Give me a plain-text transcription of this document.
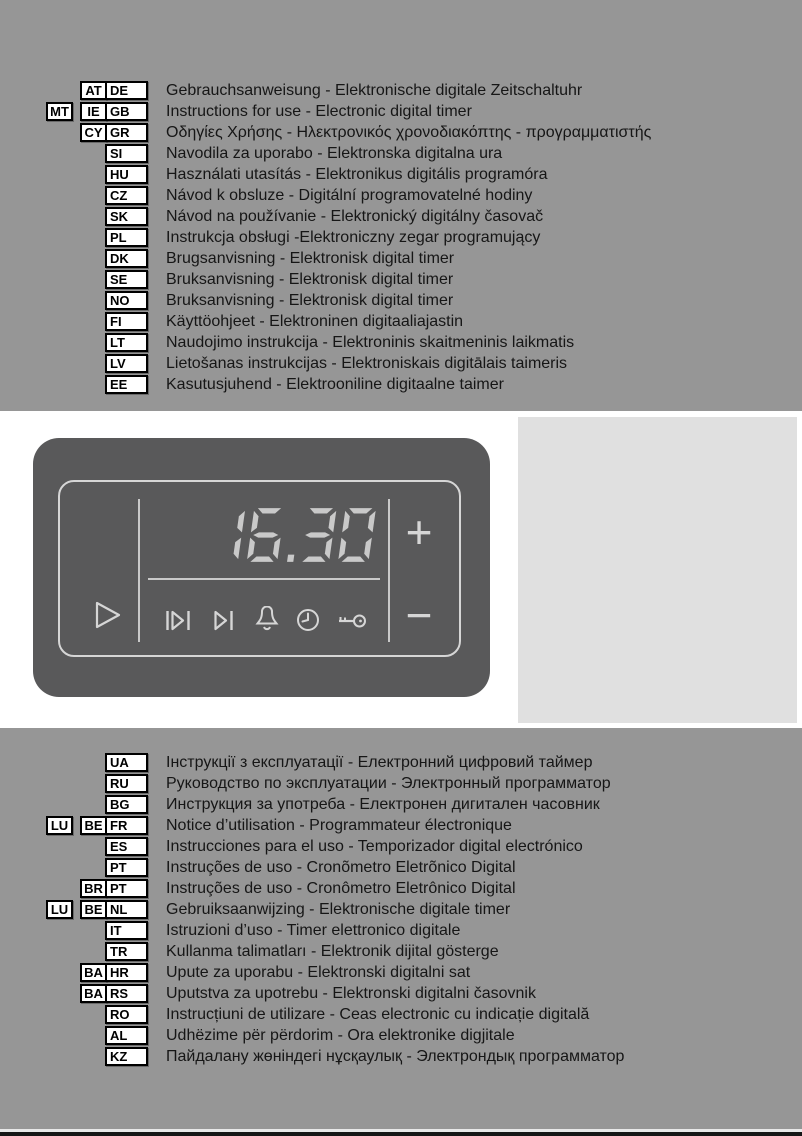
AT DE	Gebrauchsanweisung - Elektronische digitale Zeitschaltuhr
MT	IE GB	Instructions for use - Electronic digital timer
CY GR	Οδηγίες Χρήσης - Ηλεκτρονικός χρονοδιακόπτης - προγραμματιστής
SI	Navodila za uporabo - Elektronska digitalna ura
HU	Használati utasítás - Elektronikus digitális programóra
CZ	Návod k obsluze - Digitální programovatelné hodiny
SK	Návod na používanie - Elektronický digitálny časovač
PL	Instrukcja obsługi -Elektroniczny zegar programujący
DK	Brugsanvisning - Elektronisk digital timer
SE	Bruksanvisning - Elektronisk digital timer
NO	Bruksanvisning - Elektronisk digital timer
FI	Käyttöohjeet - Elektroninen digitaaliajastin
LT	Naudojimo instrukcija - Elektroninis skaitmeninis laikmatis
LV	Lietošanas instrukcijas - Elektroniskais digitālais taimeris
EE	Kasutusjuhend - Elektrooniline digitaalne taimer
+
−
UA	Інструкції з експлуатації - Електронний цифровий таймер
RU	Руководство по эксплуатации - Электронный программатор
BG	Инструкция за употреба - Електронен дигитален часовник
LU	BE FR	Notice d’utilisation - Programmateur électronique
ES	Instrucciones para el uso - Temporizador digital electrónico
PT	Instruções de uso - Cronõmetro Eletrõnico Digital
BR PT	Instruções de uso - Cronômetro Eletrônico Digital
LU	BE NL	Gebruiksaanwijzing - Elektronische digitale timer
IT	Istruzioni d’uso - Timer elettronico digitale
TR	Kullanma talimatları - Elektronik dijital gösterge
BA HR	Upute za uporabu - Elektronski digitalni sat
BA RS	Uputstva za upotrebu - Elektronski digitalni časovnik
RO	Instrucțiuni de utilizare - Ceas electronic cu indicație digitală
AL	Udhëzime për përdorim - Ora elektronike digjitale
KZ	Пайдалану жөніндегі нұсқаулық - Электрондық программатор
